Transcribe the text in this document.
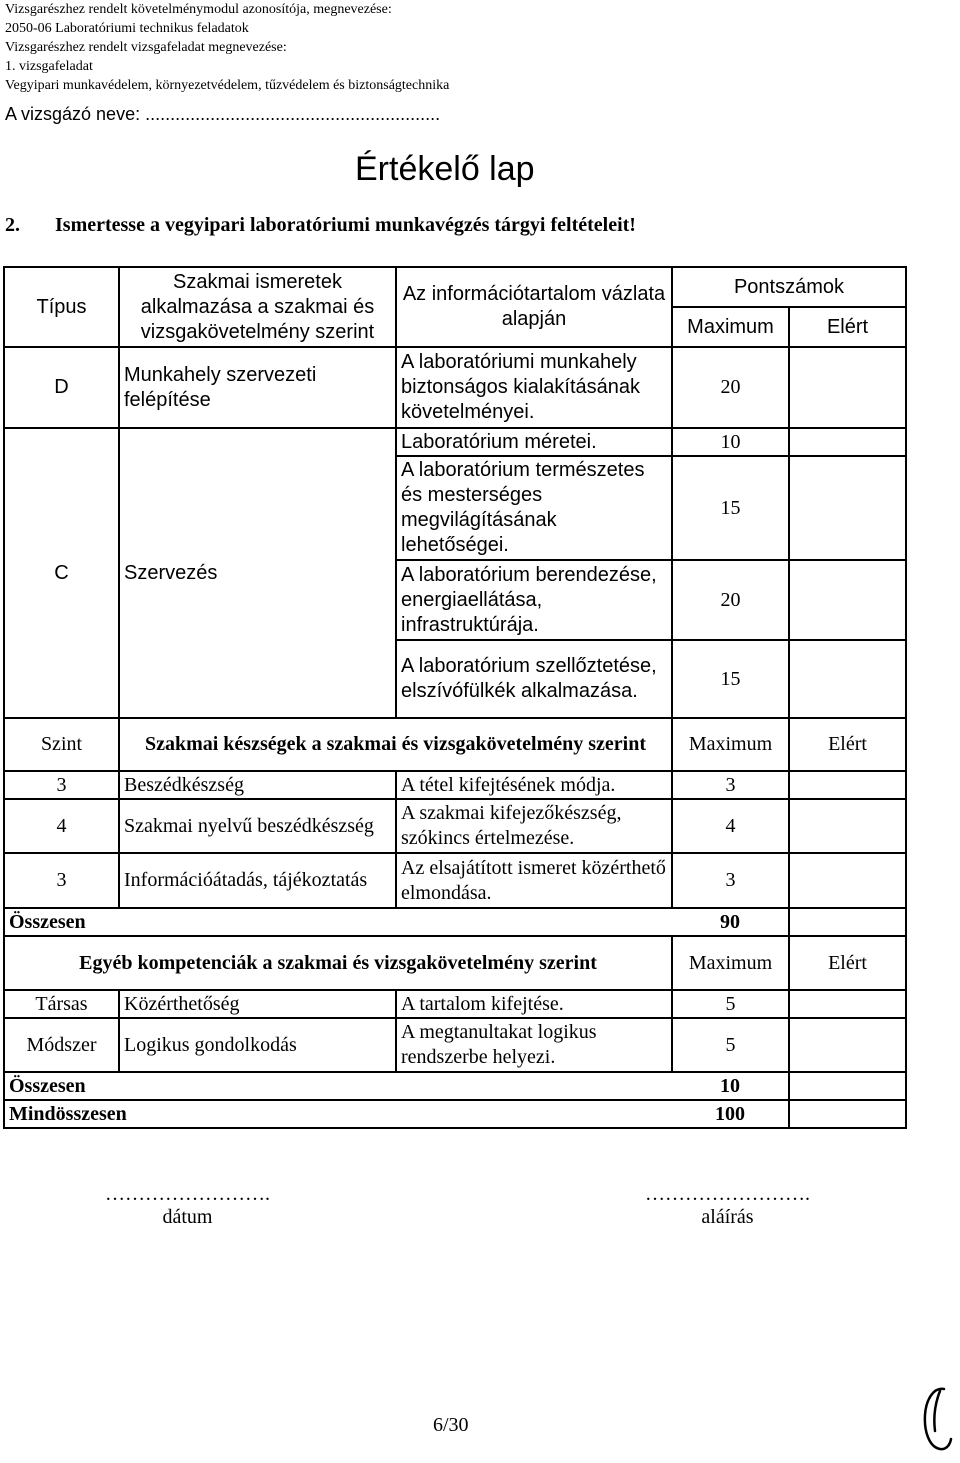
Vizsgarészhez rendelt követelménymodul azonosítója, megnevezése:
2050-06 Laboratóriumi technikus feladatok
Vizsgarészhez rendelt vizsgafeladat megnevezése:
1. vizsgafeladat
Vegyipari munkavédelem, környezetvédelem, tűzvédelem és biztonságtechnika
A vizsgázó neve: ...........................................................
Értékelő lap
2. Ismertesse a vegyipari laboratóriumi munkavégzés tárgyi feltételeit!
Típus	Szakmai ismeretek alkalmazása a szakmai és vizsgakövetelmény szerint	Az információtartalom vázlata alapján	Pontszámok	
			Maximum	Elért
D	Munkahely szervezeti felépítése	A laboratóriumi munkahely biztonságos kialakításának követelményei.	20	
C	Szervezés	Laboratórium méretei.	10	
		A laboratórium természetes és mesterséges megvilágításának lehetőségei.	15	
		A laboratórium berendezése, energiaellátása, infrastruktúrája.	20	
		A laboratórium szellőztetése, elszívófülkék alkalmazása.	15	
Szint	Szakmai készségek a szakmai és vizsgakövetelmény szerint		Maximum	Elért
3	Beszédkészség	A tétel kifejtésének módja.	3	
4	Szakmai nyelvű beszédkészség	A szakmai kifejezőkészség, szókincs értelmezése.	4	
3	Információátadás, tájékoztatás	Az elsajátított ismeret közérthető elmondása.	3	
Összesen			90	
Egyéb kompetenciák a szakmai és vizsgakövetelmény szerint			Maximum	Elért
Társas	Közérthetőség	A tartalom kifejtése.	5	
Módszer	Logikus gondolkodás	A megtanultakat logikus rendszerbe helyezi.	5	
Összesen			10	
Mindösszesen			100	
…………………….
dátum
…………………….
aláírás
6/30
